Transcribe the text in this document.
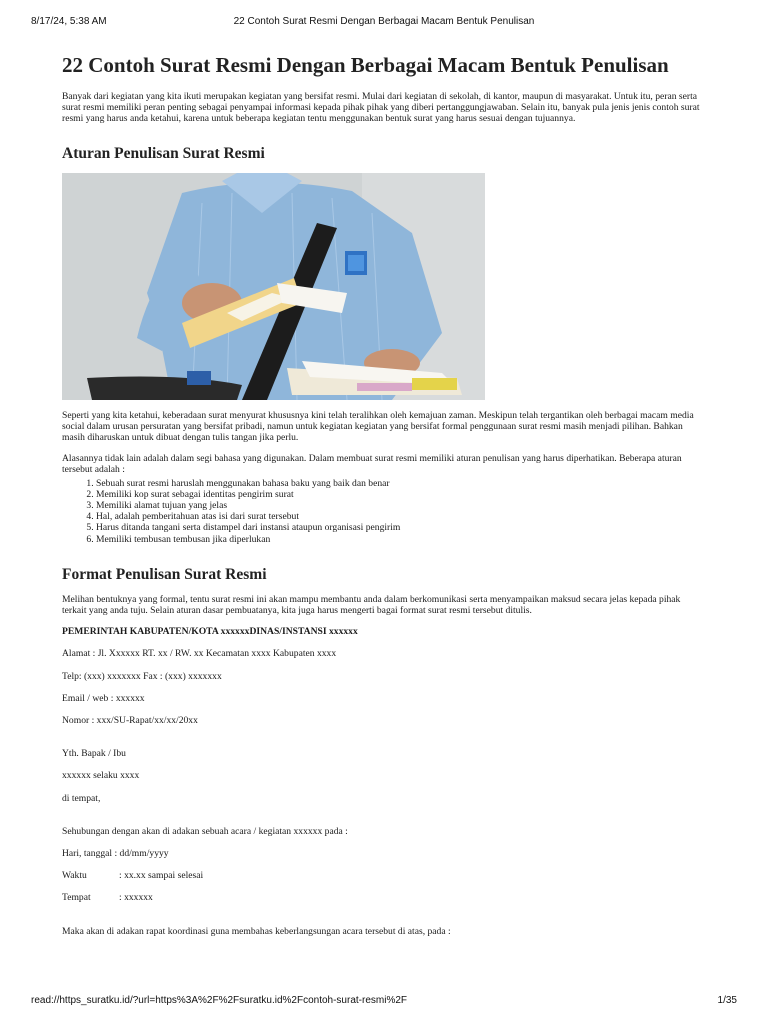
8/17/24, 5:38 AM	22 Contoh Surat Resmi Dengan Berbagai Macam Bentuk Penulisan
22 Contoh Surat Resmi Dengan Berbagai Macam Bentuk Penulisan

Banyak dari kegiatan yang kita ikuti merupakan kegiatan yang bersifat resmi. Mulai dari kegiatan di sekolah, di kantor, maupun di masyarakat. Untuk itu, peran serta surat resmi memiliki peran penting sebagai penyampai informasi kepada pihak pihak yang diberi pertanggungjawaban. Selain itu, banyak pula jenis jenis contoh surat resmi yang harus anda ketahui, karena untuk beberapa kegiatan tentu menggunakan bentuk surat yang harus sesuai dengan tujuannya.

Aturan Penulisan Surat Resmi

Seperti yang kita ketahui, keberadaan surat menyurat khususnya kini telah teralihkan oleh kemajuan zaman. Meskipun telah tergantikan oleh berbagai macam media social dalam urusan persuratan yang bersifat pribadi, namun untuk kegiatan kegiatan yang bersifat formal penggunaan surat resmi masih menjadi pilihan. Bahkan masih diharuskan untuk dibuat dengan tulis tangan jika perlu.

Alasannya tidak lain adalah dalam segi bahasa yang digunakan. Dalam membuat surat resmi memiliki aturan penulisan yang harus diperhatikan. Beberapa aturan tersebut adalah :

1. Sebuah surat resmi haruslah menggunakan bahasa baku yang baik dan benar
2. Memiliki kop surat sebagai identitas pengirim surat
3. Memiliki alamat tujuan yang jelas
4. Hal, adalah pemberitahuan atas isi dari surat tersebut
5. Harus ditanda tangani serta distampel dari instansi ataupun organisasi pengirim
6. Memiliki tembusan tembusan jika diperlukan
Format Penulisan Surat Resmi

Melihan bentuknya yang formal, tentu surat resmi ini akan mampu membantu anda dalam berkomunikasi serta menyampaikan maksud secara jelas kepada pihak terkait yang anda tuju. Selain aturan dasar pembuatanya, kita juga harus mengerti bagai format surat resmi tersebut ditulis.

PEMERINTAH KABUPATEN/KOTA xxxxxxDINAS/INSTANSI xxxxxx

Alamat : Jl. Xxxxxx RT. xx / RW. xx Kecamatan xxxx Kabupaten xxxx

Telp: (xxx) xxxxxxx Fax : (xxx) xxxxxxx

Email / web : xxxxxx

Nomor : xxx/SU-Rapat/xx/xx/20xx

Yth. Bapak / Ibu

xxxxxx selaku xxxx

di tempat,

Sehubungan dengan akan di adakan sebuah acara / kegiatan xxxxxx pada :

Hari, tanggal : dd/mm/yyyy

Waktu	: xx.xx sampai selesai

Tempat	: xxxxxx

Maka akan di adakan rapat koordinasi guna membahas keberlangsungan acara tersebut di atas, pada :

read://https_suratku.id/?url=https%3A%2F%2Fsuratku.id%2Fcontoh-surat-resmi%2F	1/35
